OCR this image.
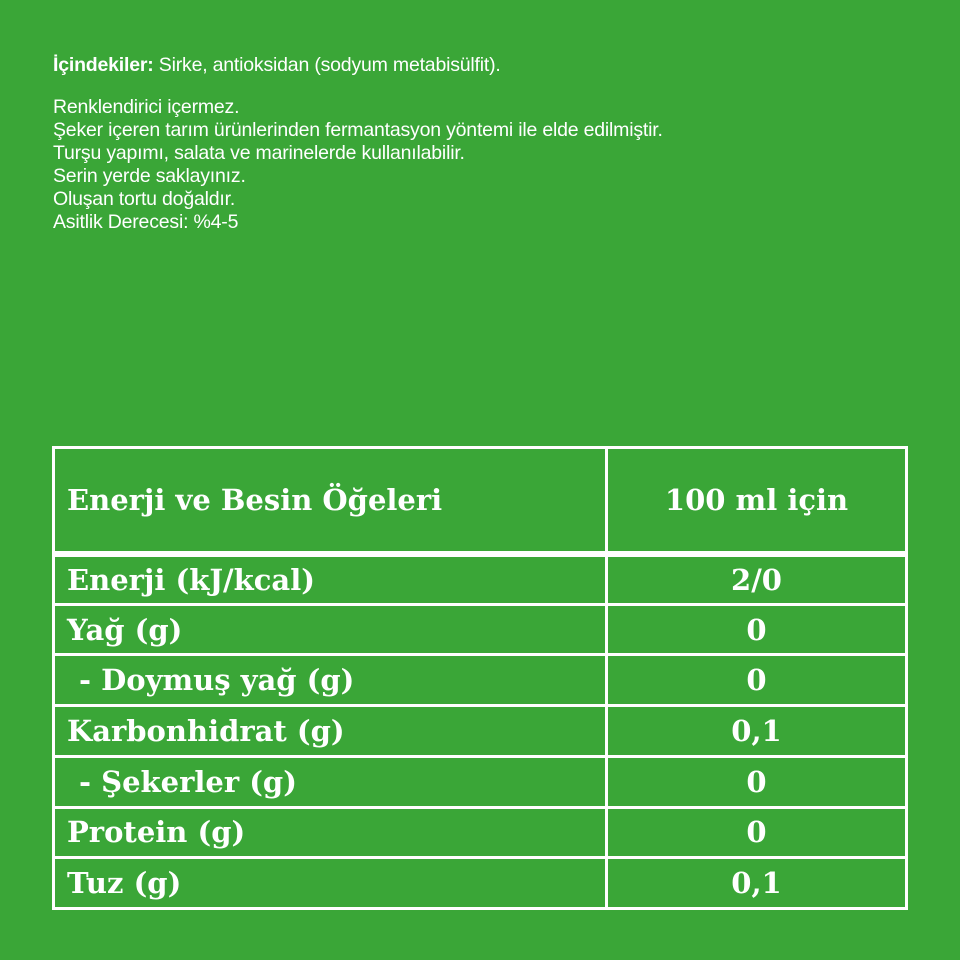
İçindekiler: Sirke, antioksidan (sodyum metabisülfit).

Renklendirici içermez.
Şeker içeren tarım ürünlerinden fermantasyon yöntemi ile elde edilmiştir.
Turşu yapımı, salata ve marinelerde kullanılabilir.
Serin yerde saklayınız.
Oluşan tortu doğaldır.
Asitlik Derecesi: %4-5
Enerji ve Besin Öğeleri	100 ml için
Enerji (kJ/kcal)	2/0
Yağ (g)	0
- Doymuş yağ (g)	0
Karbonhidrat (g)	0,1
- Şekerler (g)	0
Protein (g)	0
Tuz (g)	0,1
